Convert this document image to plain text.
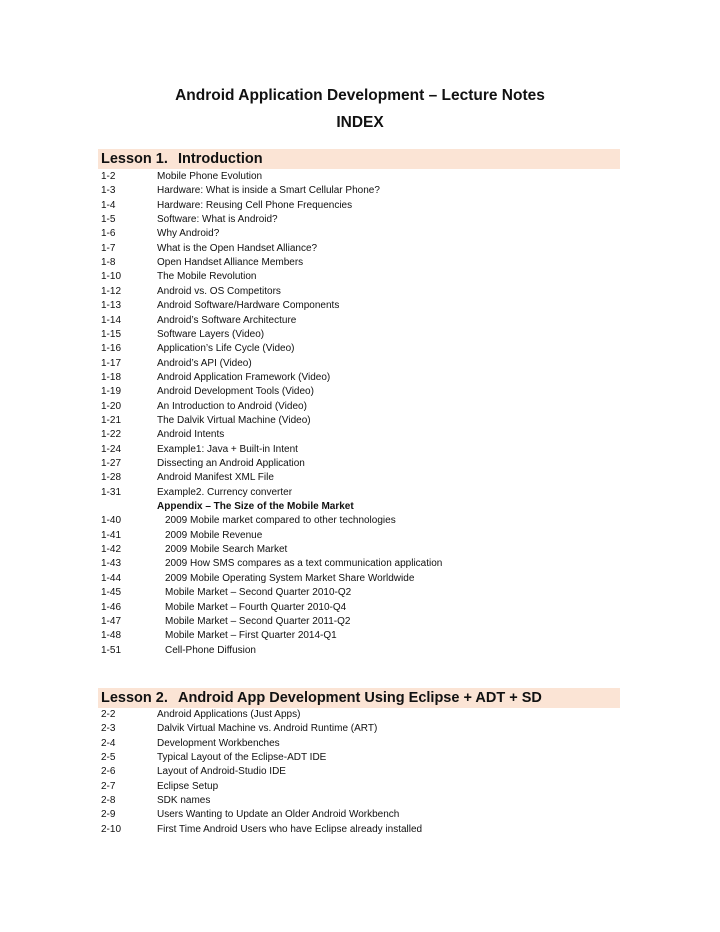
Android Application Development – Lecture Notes
INDEX
Lesson 1. Introduction
1-2	Mobile Phone Evolution
1-3	Hardware: What is inside a Smart Cellular Phone?
1-4	Hardware: Reusing Cell Phone Frequencies
1-5	Software: What is Android?
1-6	Why Android?
1-7	What is the Open Handset Alliance?
1-8	Open Handset Alliance Members
1-10	The Mobile Revolution
1-12	Android vs. OS Competitors
1-13	Android Software/Hardware Components
1-14	Android’s Software Architecture
1-15	Software Layers (Video)
1-16	Application’s Life Cycle (Video)
1-17	Android’s API (Video)
1-18	Android Application Framework (Video)
1-19	Android Development Tools (Video)
1-20	An Introduction to Android (Video)
1-21	The Dalvik Virtual Machine (Video)
1-22	Android Intents
1-24	Example1: Java + Built-in Intent
1-27	Dissecting an Android Application
1-28	Android Manifest XML File
1-31	Example2. Currency converter
Appendix – The Size of the Mobile Market
1-40	2009 Mobile market compared to other technologies
1-41	2009 Mobile Revenue
1-42	2009 Mobile Search Market
1-43	2009 How SMS compares as a text communication application
1-44	2009 Mobile Operating System Market Share Worldwide
1-45	Mobile Market – Second Quarter 2010-Q2
1-46	Mobile Market – Fourth Quarter 2010-Q4
1-47	Mobile Market – Second Quarter 2011-Q2
1-48	Mobile Market – First Quarter 2014-Q1
1-51	Cell-Phone Diffusion
Lesson 2. Android App Development Using Eclipse + ADT + SD
2-2	Android Applications (Just Apps)
2-3	Dalvik Virtual Machine vs. Android Runtime (ART)
2-4	Development Workbenches
2-5	Typical Layout of the Eclipse-ADT IDE
2-6	Layout of Android-Studio IDE
2-7	Eclipse Setup
2-8	SDK names
2-9	Users Wanting to Update an Older Android Workbench
2-10	First Time Android Users who have Eclipse already installed
